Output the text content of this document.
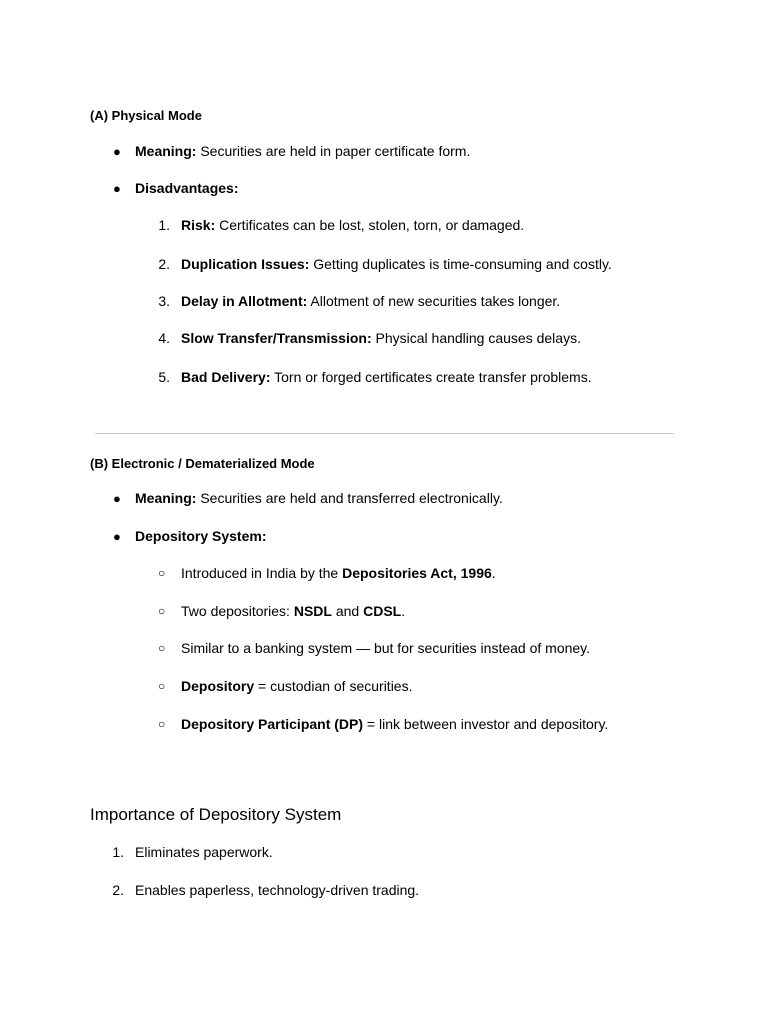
(A) Physical Mode
● Meaning: Securities are held in paper certificate form.
● Disadvantages:
1. Risk: Certificates can be lost, stolen, torn, or damaged.
2. Duplication Issues: Getting duplicates is time-consuming and costly.
3. Delay in Allotment: Allotment of new securities takes longer.
4. Slow Transfer/Transmission: Physical handling causes delays.
5. Bad Delivery: Torn or forged certificates create transfer problems.
(B) Electronic / Dematerialized Mode
● Meaning: Securities are held and transferred electronically.
● Depository System:
○ Introduced in India by the Depositories Act, 1996.
○ Two depositories: NSDL and CDSL.
○ Similar to a banking system — but for securities instead of money.
○ Depository = custodian of securities.
○ Depository Participant (DP) = link between investor and depository.
Importance of Depository System
1. Eliminates paperwork.
2. Enables paperless, technology-driven trading.
